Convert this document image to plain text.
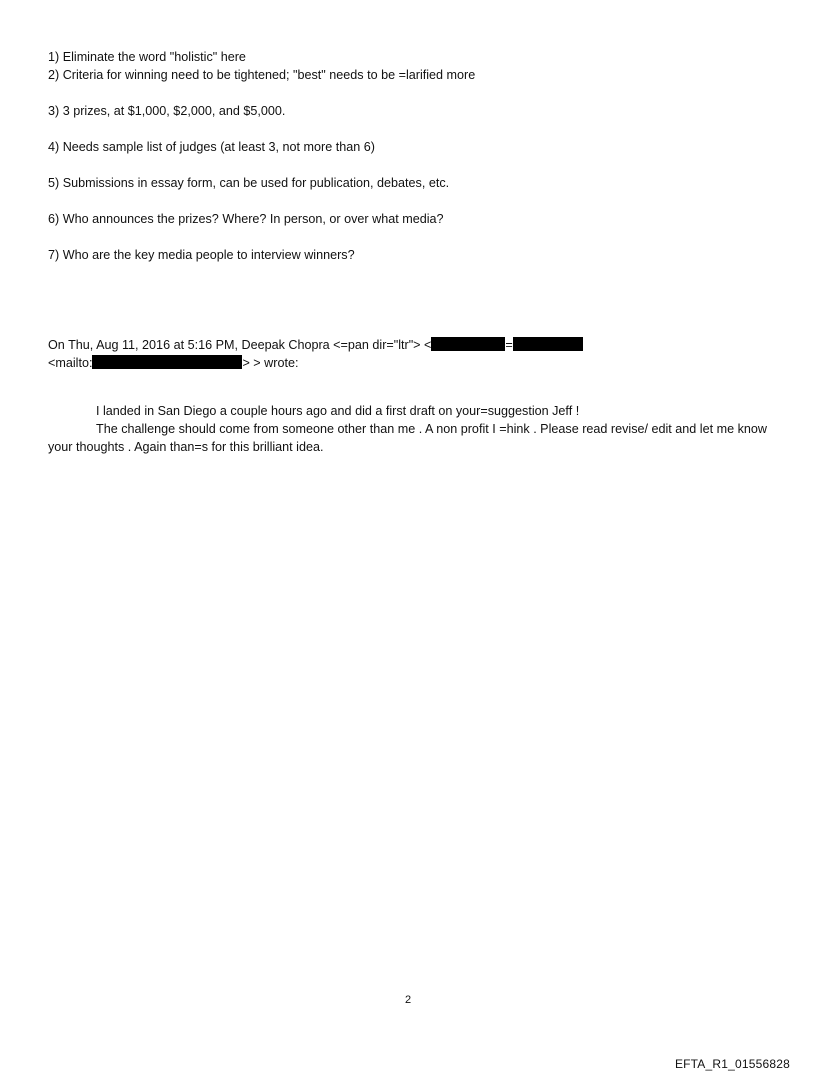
1) Eliminate the word "holistic" here
2) Criteria for winning need to be tightened; "best" needs to be =larified more
3) 3 prizes, at $1,000, $2,000, and $5,000.
4) Needs sample list of judges (at least 3, not more than 6)
5) Submissions in essay form, can be used for publication, debates, etc.
6) Who announces the prizes? Where? In person, or over what media?
7) Who are the key media people to interview winners?
On Thu, Aug 11, 2016 at 5:16 PM, Deepak Chopra <=pan dir="ltr"> <	=
<mailto:	> > wrote:
I landed in San Diego a couple hours ago and did a first draft on your=suggestion Jeff !
The challenge should come from someone other than me . A non profit I =hink . Please read revise/ edit and let me know your thoughts . Again than=s for this brilliant idea.
2
EFTA_R1_01556828
